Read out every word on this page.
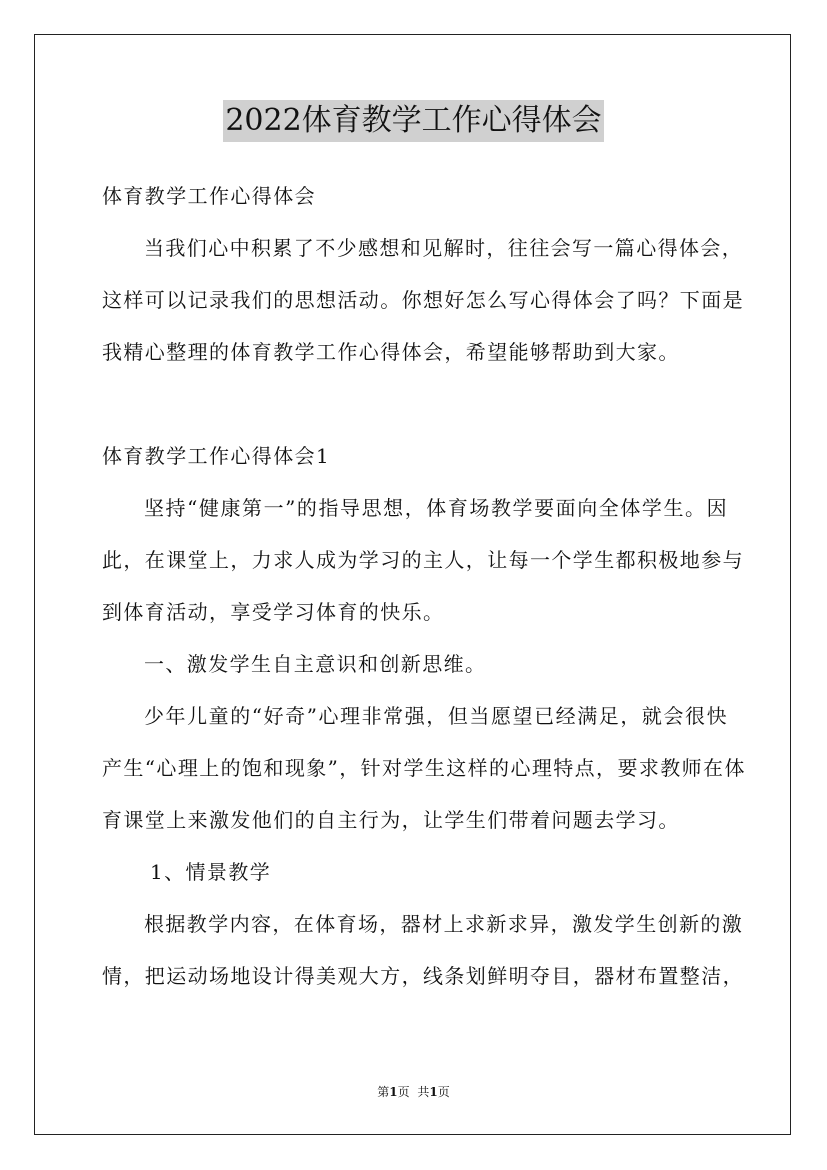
2022体育教学工作心得体会
体育教学工作心得体会
当我们心中积累了不少感想和见解时，往往会写一篇心得体会，
这样可以记录我们的思想活动。你想好怎么写心得体会了吗？下面是
我精心整理的体育教学工作心得体会，希望能够帮助到大家。
体育教学工作心得体会1
坚持“健康第一”的指导思想，体育场教学要面向全体学生。因
此，在课堂上，力求人成为学习的主人，让每一个学生都积极地参与
到体育活动，享受学习体育的快乐。
一、激发学生自主意识和创新思维。
少年儿童的“好奇”心理非常强，但当愿望已经满足，就会很快
产生“心理上的饱和现象”，针对学生这样的心理特点，要求教师在体
育课堂上来激发他们的自主行为，让学生们带着问题去学习。
1、情景教学
根据教学内容，在体育场，器材上求新求异，激发学生创新的激
情，把运动场地设计得美观大方，线条划鲜明夺目，器材布置整洁，
第1页 共1页
